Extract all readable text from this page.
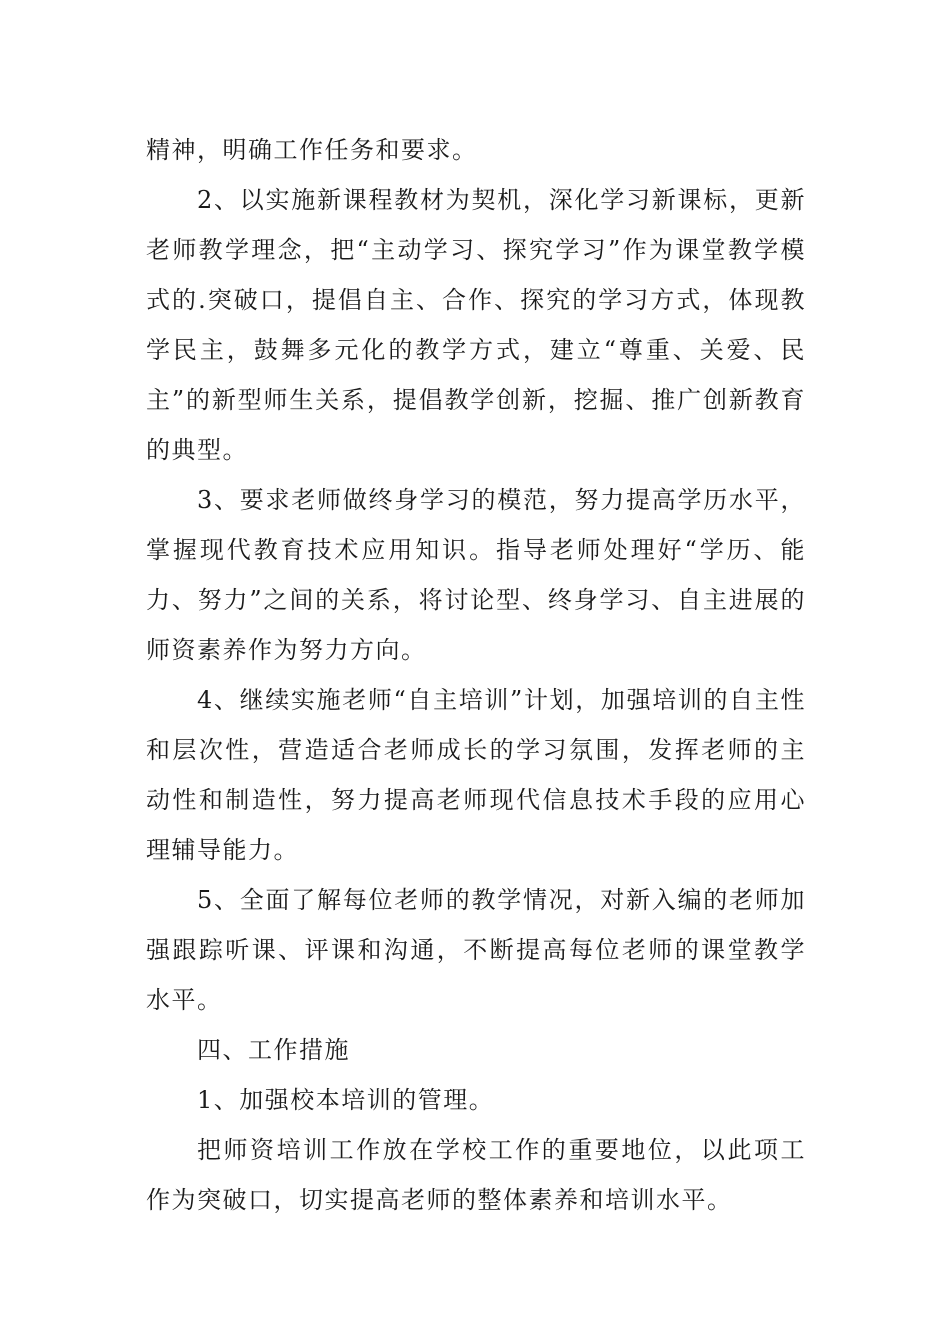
精神，明确工作任务和要求。

2、以实施新课程教材为契机，深化学习新课标，更新老师教学理念，把“主动学习、探究学习”作为课堂教学模式的.突破口，提倡自主、合作、探究的学习方式，体现教学民主，鼓舞多元化的教学方式，建立“尊重、关爱、民主”的新型师生关系，提倡教学创新，挖掘、推广创新教育的典型。

3、要求老师做终身学习的模范，努力提高学历水平，掌握现代教育技术应用知识。指导老师处理好“学历、能力、努力”之间的关系，将讨论型、终身学习、自主进展的师资素养作为努力方向。

4、继续实施老师“自主培训”计划，加强培训的自主性和层次性，营造适合老师成长的学习氛围，发挥老师的主动性和制造性，努力提高老师现代信息技术手段的应用心理辅导能力。

5、全面了解每位老师的教学情况，对新入编的老师加强跟踪听课、评课和沟通，不断提高每位老师的课堂教学水平。

四、工作措施

1、加强校本培训的管理。

把师资培训工作放在学校工作的重要地位，以此项工作为突破口，切实提高老师的整体素养和培训水平。
